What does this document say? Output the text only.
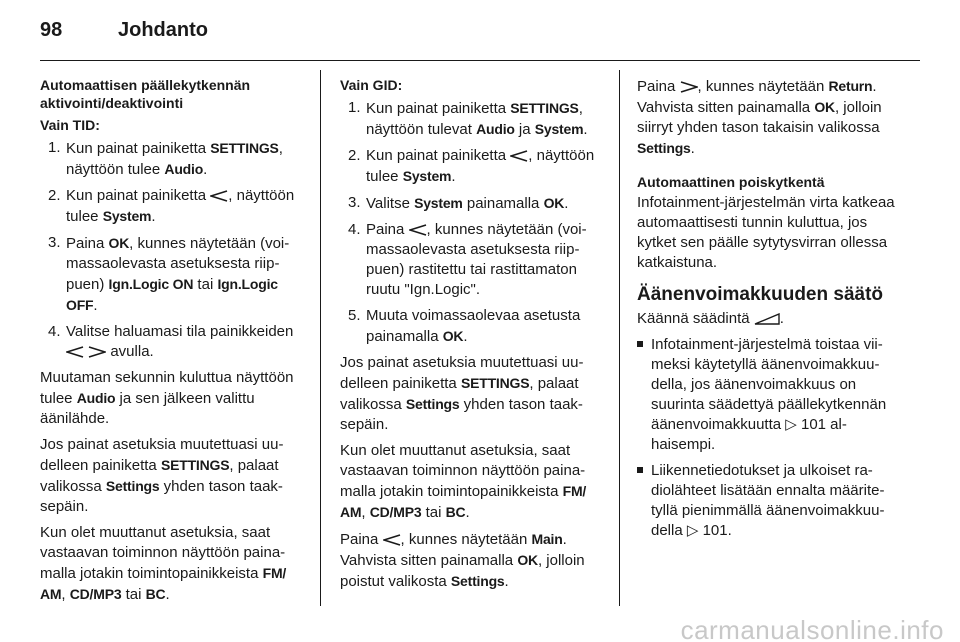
98	Johdanto
Automaattisen päällekytkennän aktivointi/deaktivointi
Vain TID:
1. Kun painat painiketta SETTINGS, näyttöön tulee Audio.
2. Kun painat painiketta , näyttöön tulee System.
3. Paina OK, kunnes näytetään (voimassaolevasta asetuksesta riippuen) Ign.Logic ON tai Ign.Logic OFF.
4. Valitse haluamasi tila painikkeiden   avulla.
Muutaman sekunnin kuluttua näyttöön tulee Audio ja sen jälkeen valittu äänilähde.
Jos painat asetuksia muutettuasi uudelleen painiketta SETTINGS, palaat valikossa Settings yhden tason taaksepäin.
Kun olet muuttanut asetuksia, saat vastaavan toiminnon näyttöön painamalla jotakin toimintopainikkeista FM/ AM, CD/MP3 tai BC.
Vain GID:
1. Kun painat painiketta SETTINGS, näyttöön tulevat Audio ja System.
2. Kun painat painiketta , näyttöön tulee System.
3. Valitse System painamalla OK.
4. Paina , kunnes näytetään (voimassaolevasta asetuksesta riippuen) rastitettu tai rastittamaton ruutu "Ign.Logic".
5. Muuta voimassaolevaa asetusta painamalla OK.
Jos painat asetuksia muutettuasi uudelleen painiketta SETTINGS, palaat valikossa Settings yhden tason taaksepäin.
Kun olet muuttanut asetuksia, saat vastaavan toiminnon näyttöön painamalla jotakin toimintopainikkeista FM/ AM, CD/MP3 tai BC.
Paina , kunnes näytetään Main. Vahvista sitten painamalla OK, jolloin poistut valikosta Settings.
Paina , kunnes näytetään Return. Vahvista sitten painamalla OK, jolloin siirryt yhden tason takaisin valikossa Settings.
Automaattinen poiskytkentä
Infotainment-järjestelmän virta katkeaa automaattisesti tunnin kuluttua, jos kytket sen päälle sytytysvirran ollessa katkaistuna.
Äänenvoimakkuuden säätö
Käännä säädintä .
Infotainment-järjestelmä toistaa viimeksi käytetyllä äänenvoimakkuudella, jos äänenvoimakkuus on suurinta säädettyä päällekytkennän äänenvoimakkuutta ▷ 101 alhaisempi.
Liikennetiedotukset ja ulkoiset radiolähteet lisätään ennalta määritetyllä pienimmällä äänenvoimakkuudella ▷ 101.
carmanualsonline.info
